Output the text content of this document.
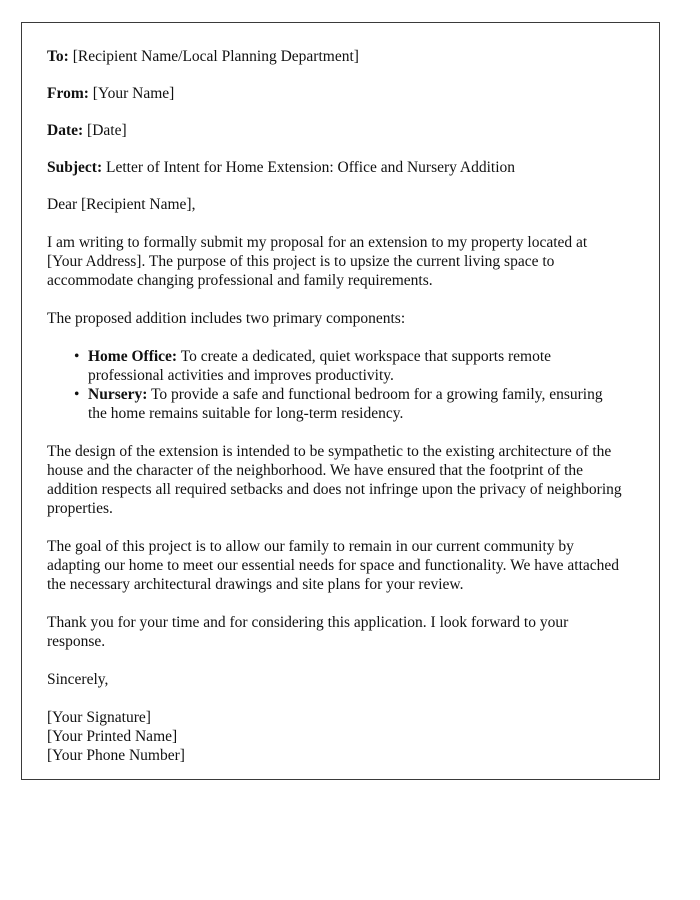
To: [Recipient Name/Local Planning Department]
From: [Your Name]
Date: [Date]
Subject: Letter of Intent for Home Extension: Office and Nursery Addition
Dear [Recipient Name],

I am writing to formally submit my proposal for an extension to my property located at [Your Address]. The purpose of this project is to upsize the current living space to accommodate changing professional and family requirements.

The proposed addition includes two primary components:

• Home Office: To create a dedicated, quiet workspace that supports remote professional activities and improves productivity.
• Nursery: To provide a safe and functional bedroom for a growing family, ensuring the home remains suitable for long-term residency.

The design of the extension is intended to be sympathetic to the existing architecture of the house and the character of the neighborhood. We have ensured that the footprint of the addition respects all required setbacks and does not infringe upon the privacy of neighboring properties.

The goal of this project is to allow our family to remain in our current community by adapting our home to meet our essential needs for space and functionality. We have attached the necessary architectural drawings and site plans for your review.

Thank you for your time and for considering this application. I look forward to your response.

Sincerely,
[Your Signature]
[Your Printed Name]
[Your Phone Number]
